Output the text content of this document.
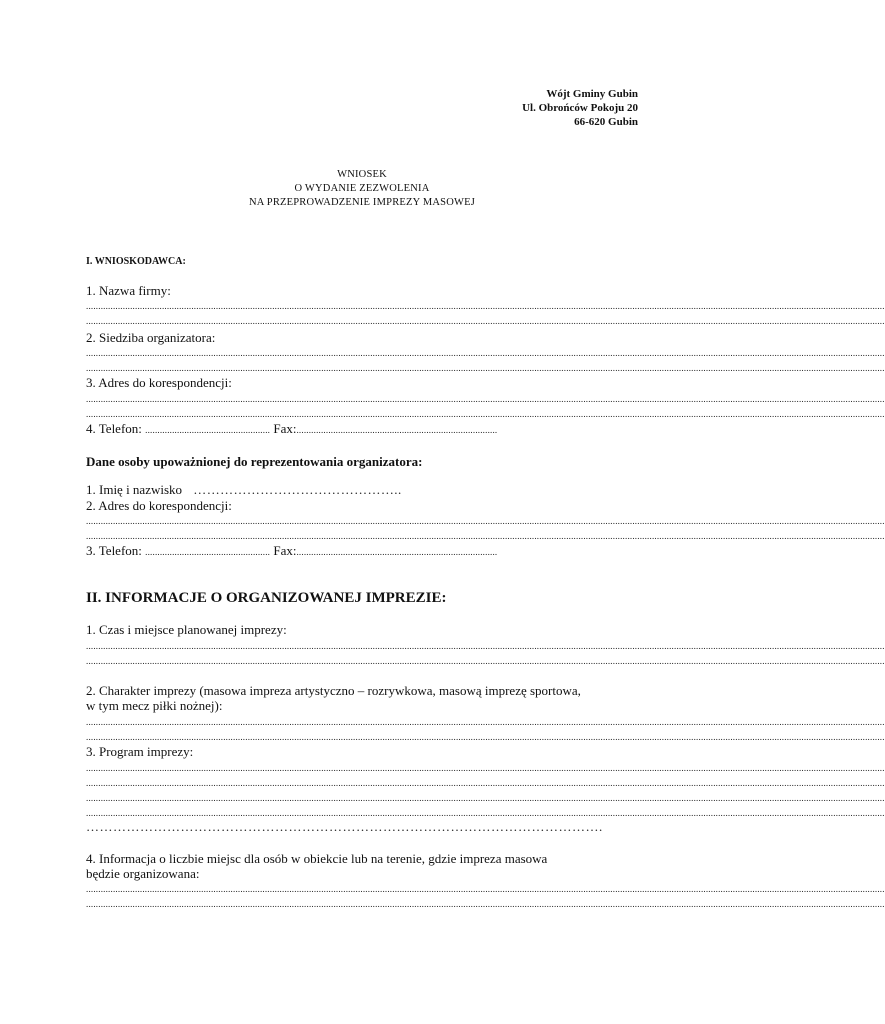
Wójt Gminy Gubin
Ul. Obrońców Pokoju 20
66-620 Gubin
WNIOSEK
O WYDANIE ZEZWOLENIA
NA PRZEPROWADZENIE IMPREZY MASOWEJ
I. WNIOSKODAWCA:
1. Nazwa firmy:
......................................................................................................................................................................................................................................................................................................................................
......................................................................................................................................................................................................................................................................................................................................
2. Siedziba organizatora:
......................................................................................................................................................................................................................................................................................................................................
......................................................................................................................................................................................................................................................................................................................................
3. Adres do korespondencji:
......................................................................................................................................................................................................................................................................................................................................
......................................................................................................................................................................................................................................................................................................................................
4. Telefon: ................................................... Fax:..................................................................................
Dane osoby upoważnionej do reprezentowania organizatora:
1. Imię i nazwisko ………………………………………..
2. Adres do korespondencji:
......................................................................................................................................................................................................................................................................................................................................
......................................................................................................................................................................................................................................................................................................................................
3. Telefon: ................................................... Fax:..................................................................................
II. INFORMACJE O ORGANIZOWANEJ IMPREZIE:
1. Czas i miejsce planowanej imprezy:
......................................................................................................................................................................................................................................................................................................................................
......................................................................................................................................................................................................................................................................................................................................
2. Charakter imprezy (masowa impreza artystyczno – rozrywkowa, masową imprezę sportowa,
w tym mecz piłki nożnej):
......................................................................................................................................................................................................................................................................................................................................
......................................................................................................................................................................................................................................................................................................................................
3. Program imprezy:
......................................................................................................................................................................................................................................................................................................................................
......................................................................................................................................................................................................................................................................................................................................
......................................................................................................................................................................................................................................................................................................................................
......................................................................................................................................................................................................................................................................................................................................
…………………………………………………………………………………………………….
4. Informacja o liczbie miejsc dla osób w obiekcie lub na terenie, gdzie impreza masowa
będzie organizowana:
......................................................................................................................................................................................................................................................................................................................................
......................................................................................................................................................................................................................................................................................................................................
